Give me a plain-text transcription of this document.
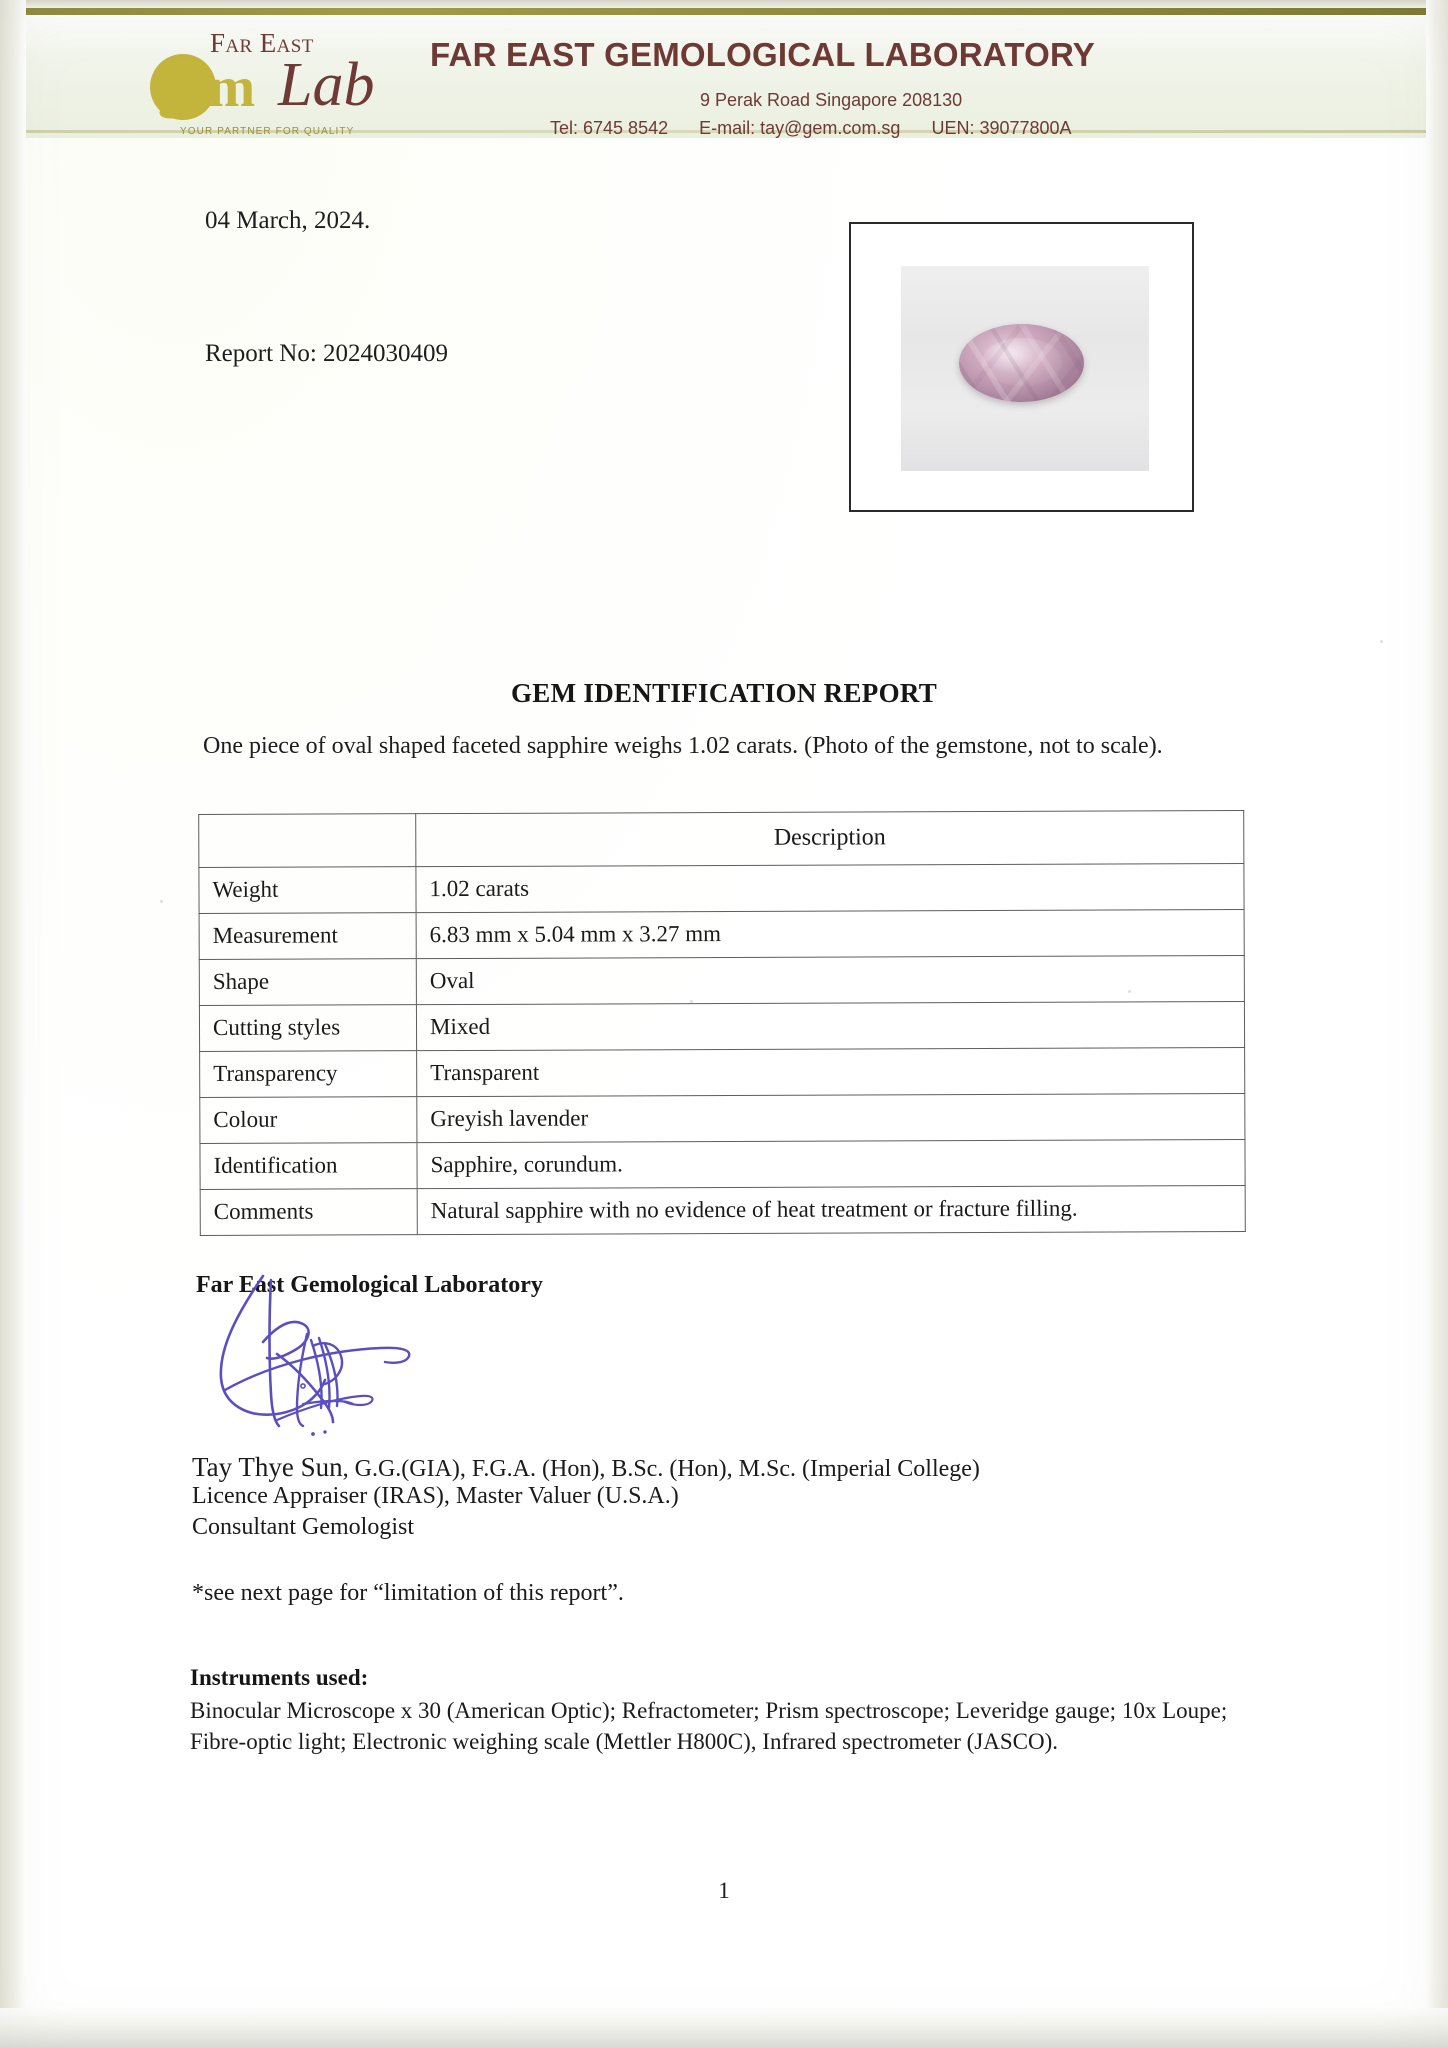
Far East
gem Lab
YOUR PARTNER FOR QUALITY
FAR EAST GEMOLOGICAL LABORATORY
9 Perak Road Singapore 208130
Tel: 6745 8542 E-mail: tay@gem.com.sg UEN: 39077800A
04 March, 2024.
Report No: 2024030409
GEM IDENTIFICATION REPORT
One piece of oval shaped faceted sapphire weighs 1.02 carats. (Photo of the gemstone, not to scale).
	Description
Weight	1.02 carats
Measurement	6.83 mm x 5.04 mm x 3.27 mm
Shape	Oval
Cutting styles	Mixed
Transparency	Transparent
Colour	Greyish lavender
Identification	Sapphire, corundum.
Comments	Natural sapphire with no evidence of heat treatment or fracture filling.
Far East Gemological Laboratory
Tay Thye Sun, G.G.(GIA), F.G.A. (Hon), B.Sc. (Hon), M.Sc. (Imperial College)
Licence Appraiser (IRAS), Master Valuer (U.S.A.)
Consultant Gemologist
*see next page for “limitation of this report”.
Instruments used:
Binocular Microscope x 30 (American Optic); Refractometer; Prism spectroscope; Leveridge gauge; 10x Loupe; Fibre-optic light; Electronic weighing scale (Mettler H800C), Infrared spectrometer (JASCO).
1
